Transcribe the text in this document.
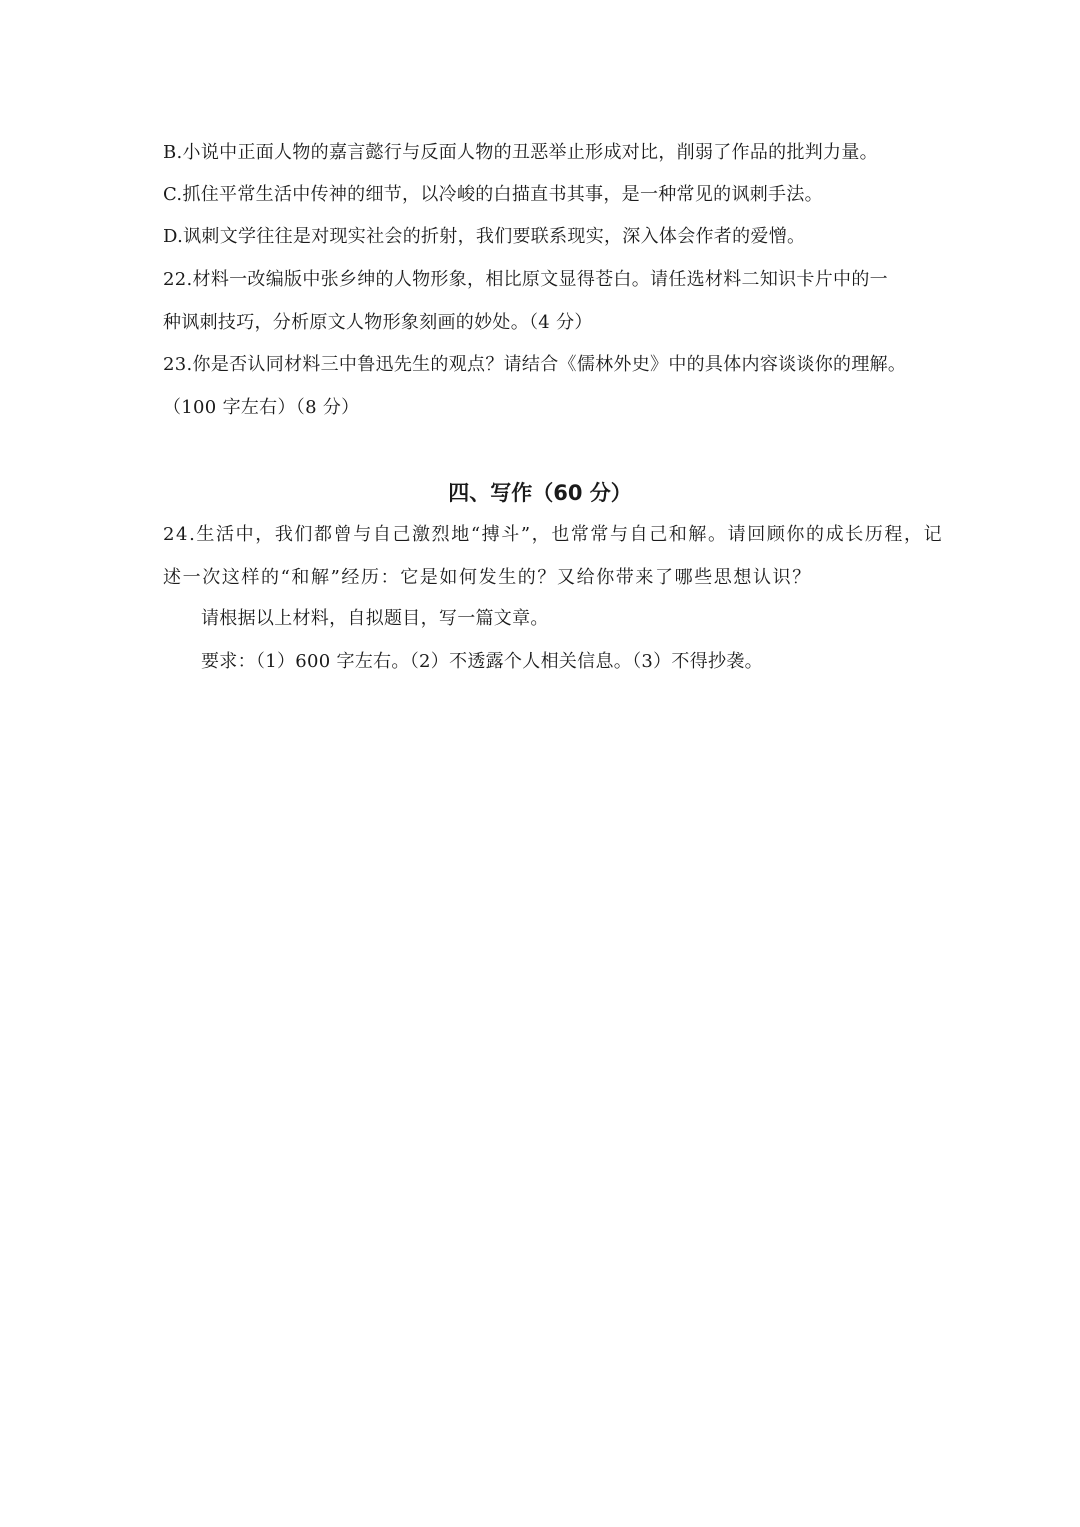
B.小说中正面人物的嘉言懿行与反面人物的丑恶举止形成对比，削弱了作品的批判力量。
C.抓住平常生活中传神的细节，以冷峻的白描直书其事，是一种常见的讽刺手法。
D.讽刺文学往往是对现实社会的折射，我们要联系现实，深入体会作者的爱憎。
22.材料一改编版中张乡绅的人物形象，相比原文显得苍白。请任选材料二知识卡片中的一
种讽刺技巧，分析原文人物形象刻画的妙处。（4 分）
23.你是否认同材料三中鲁迅先生的观点？请结合《儒林外史》中的具体内容谈谈你的理解。
（100 字左右）（8 分）
四、写作（60 分）
24.生活中，我们都曾与自己激烈地“搏斗”，也常常与自己和解。请回顾你的成长历程，记
述一次这样的“和解”经历：它是如何发生的？又给你带来了哪些思想认识？
请根据以上材料，自拟题目，写一篇文章。
要求：（1）600 字左右。（2）不透露个人相关信息。（3）不得抄袭。
